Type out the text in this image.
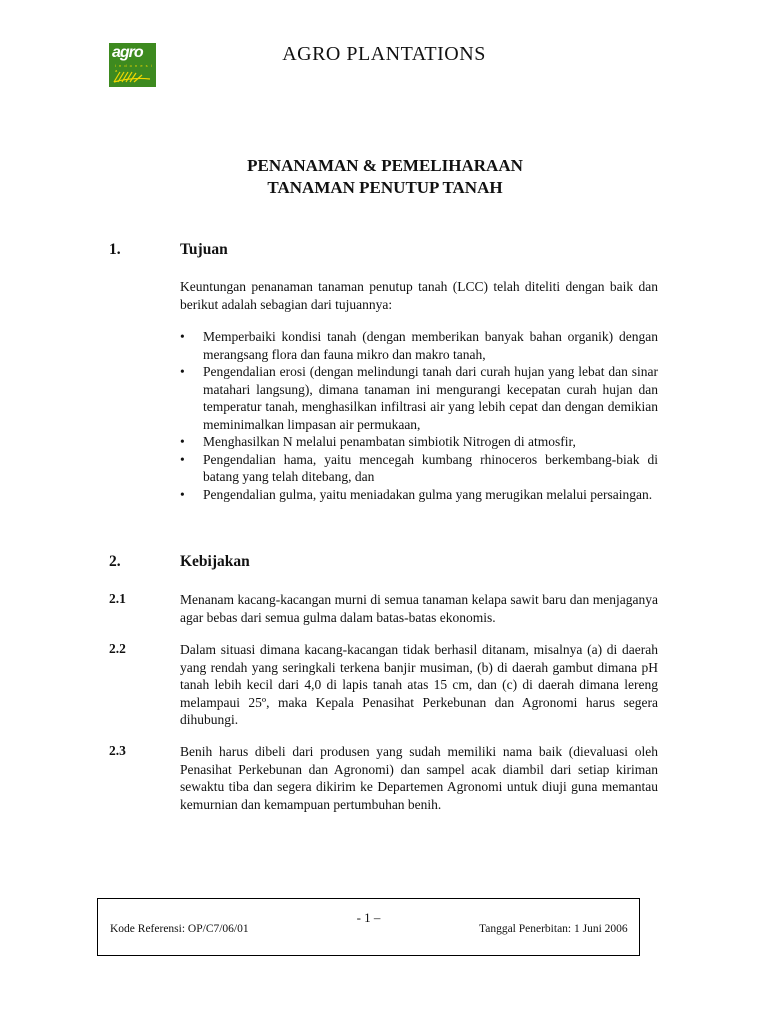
agro
i n d o n e s i a
AGRO PLANTATIONS
PENANAMAN & PEMELIHARAAN
TANAMAN PENUTUP TANAH
1.	Tujuan

Keuntungan penanaman tanaman penutup tanah (LCC) telah diteliti dengan baik dan berikut adalah sebagian dari tujuannya:

• Memperbaiki kondisi tanah (dengan memberikan banyak bahan organik) dengan merangsang flora dan fauna mikro dan makro tanah,
• Pengendalian erosi (dengan melindungi tanah dari curah hujan yang lebat dan sinar matahari langsung), dimana tanaman ini mengurangi kecepatan curah hujan dan temperatur tanah, menghasilkan infiltrasi air yang lebih cepat dan dengan demikian meminimalkan limpasan air permukaan,
• Menghasilkan N melalui penambatan simbiotik Nitrogen di atmosfir,
• Pengendalian hama, yaitu mencegah kumbang rhinoceros berkembang-biak di batang yang telah ditebang, dan
• Pengendalian gulma, yaitu meniadakan gulma yang merugikan melalui persaingan.
2.	Kebijakan
2.1	Menanam kacang-kacangan murni di semua tanaman kelapa sawit baru dan menjaganya agar bebas dari semua gulma dalam batas-batas ekonomis.

2.2	Dalam situasi dimana kacang-kacangan tidak berhasil ditanam, misalnya (a) di daerah yang rendah yang seringkali terkena banjir musiman, (b) di daerah gambut dimana pH tanah lebih kecil dari 4,0 di lapis tanah atas 15 cm, dan (c) di daerah dimana lereng melampaui 25º, maka Kepala Penasihat Perkebunan dan Agronomi harus segera dihubungi.

2.3	Benih harus dibeli dari produsen yang sudah memiliki nama baik (dievaluasi oleh Penasihat Perkebunan dan Agronomi) dan sampel acak diambil dari setiap kiriman sewaktu tiba dan segera dikirim ke Departemen Agronomi untuk diuji guna memantau kemurnian dan kemampuan pertumbuhan benih.

- 1 –
Kode Referensi: OP/C7/06/01	Tanggal Penerbitan: 1 Juni 2006
